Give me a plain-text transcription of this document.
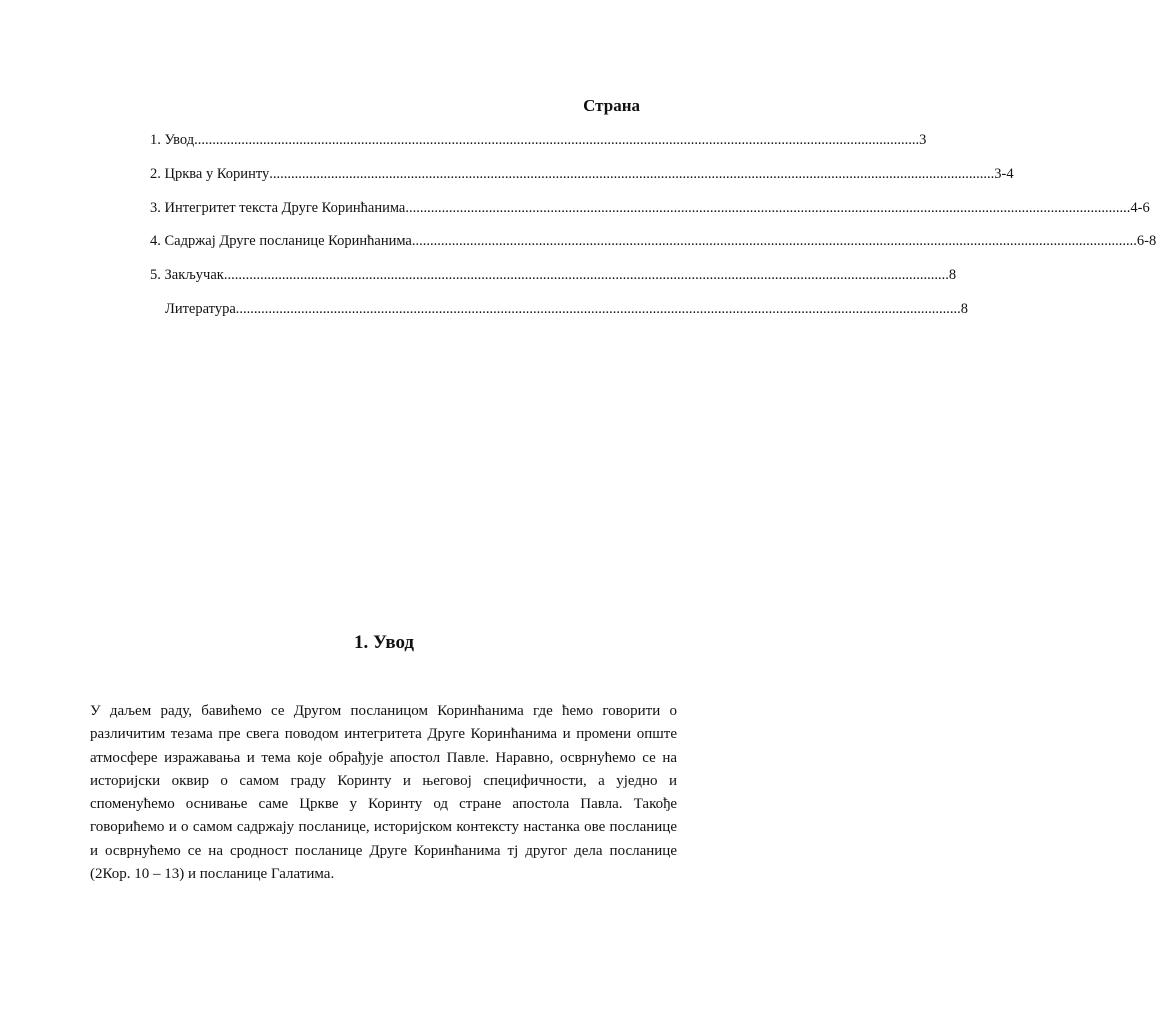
Страна
1. Увод ........................................................................................................................................................................................................ 3
2. Црква у Коринту ........................................................................................................................................................................................................ 3-4
3. Интегритет текста Друге Коринћанима ........................................................................................................................................................................................................ 4-6
4. Садржај Друге посланице Коринћанима ........................................................................................................................................................................................................ 6-8
5. Закључак ........................................................................................................................................................................................................ 8
Литература ........................................................................................................................................................................................................ 8
1. Увод
У даљем раду, бавићемо се Другом посланицом Коринћанима где ћемо говорити о различитим тезама пре свега поводом интегритета Друге Коринћанима и промени опште атмосфере изражавања и тема које обрађује апостол Павле. Наравно, осврнућемо се на историјски оквир о самом граду Коринту и његовој специфичности, а уједно и споменућемо оснивање саме Цркве у Коринту од стране апостола Павла. Такође говорићемо и о самом садржају посланице, историјском контексту настанка ове посланице и осврнућемо се на сродност посланице Друге Коринћанима тј другог дела посланице (2Кор. 10 – 13) и посланице Галатима.
